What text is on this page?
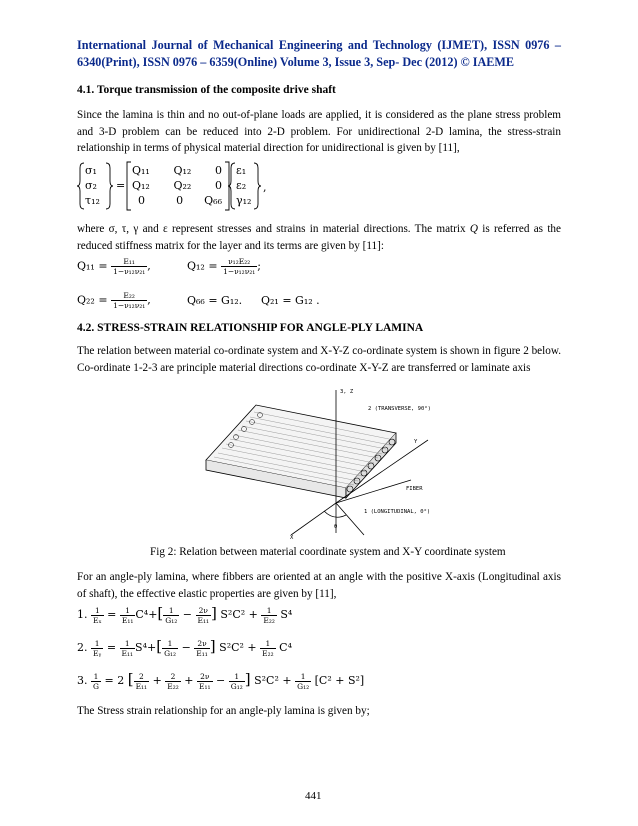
International Journal of Mechanical Engineering and Technology (IJMET), ISSN 0976 – 6340(Print), ISSN 0976 – 6359(Online) Volume 3, Issue 3, Sep- Dec (2012) © IAEME
4.1. Torque transmission of the composite drive shaft
Since the lamina is thin and no out-of-plane loads are applied, it is considered as the plane stress problem and 3-D problem can be reduced into 2-D problem. For unidirectional 2-D lamina, the stress-strain relationship in terms of physical material direction for unidirectional is given by [11],
σ₁
σ₂
τ₁₂
=
Q₁₁ Q₁₂ 0
Q₁₂ Q₂₂ 0
0	0 Q₆₆
ε₁
ε₂
γ₁₂
,
where σ, τ, γ and ε represent stresses and strains in material directions. The matrix Q is referred as the reduced stiffness matrix for the layer and its terms are given by [11]:
$Q_{11} = \frac{\text{E₁₁}}{\text{1−ν₁₂ν₂₁}}$ ,	$Q_{12} = \frac{\text{ν₁₂E₂₂}}{\text{1−ν₁₂ν₂₁}}$ ;
$Q_{22} = \frac{\text{E₂₂}}{\text{1−ν₁₂ν₂₁}}$ ,	Q₆₆ = G₁₂. Q₂₁ = G₁₂ .
4.2. STRESS-STRAIN RELATIONSHIP FOR ANGLE-PLY LAMINA
The relation between material co-ordinate system and X-Y-Z co-ordinate system is shown in figure 2 below. Co-ordinate 1-2-3 are principle material directions co-ordinate X-Y-Z are transferred or laminate axis
3, Z
2 (TRANSVERSE, 90°)
Y
FIBER
1 (LONGITUDINAL, 0°)
θ
X
Fig 2: Relation between material coordinate system and X-Y coordinate system
For an angle-ply lamina, where fibbers are oriented at an angle with the positive X-axis (Longitudinal axis of shaft), the effective elastic properties are given by [11],
1. $\frac{1}{\text{Eₓ}} = \frac{1}{\text{E₁₁}} C^4+[ \frac{1}{\text{G₁₂}} - \frac{2\nu}{\text{E₁₁}}$ ] $S^2C^2 + \frac{1}{\text{E₂₂}} S^4$
2. $\frac{1}{\text{Eᵧ}} = \frac{1}{\text{E₁₁}} S^4+[ \frac{1}{\text{G₁₂}} - \frac{2\nu}{\text{E₁₁}}$ ] $S^2C^2 + \frac{1}{\text{E₂₂}} C^4$
3. $\frac{1}{G} = 2$ [ $\frac{2}{\text{E₁₁}} + \frac{2}{\text{E₂₂}} + \frac{2\nu}{\text{E₁₁}} - \frac{1}{\text{G₁₂}}$ ] $S^2C^2 + \frac{1}{\text{G₁₂}} [C^2 + S^2]$
The Stress strain relationship for an angle-ply lamina is given by;
441
